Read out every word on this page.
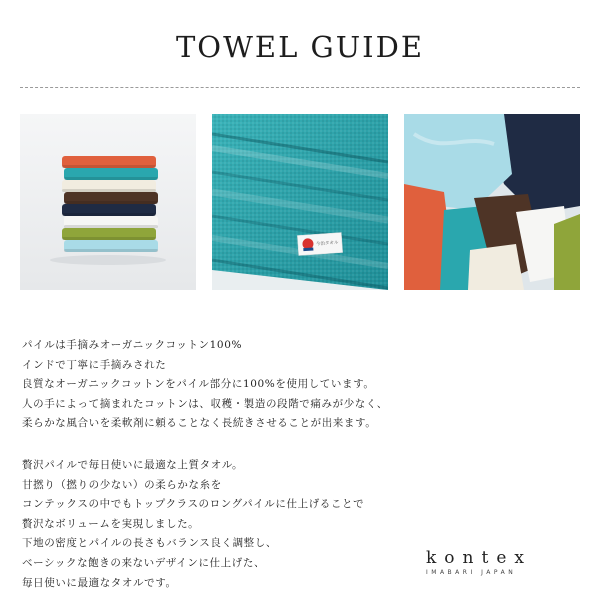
TOWEL GUIDE
今治タオル
パイルは手摘みオーガニックコットン100%
インドで丁寧に手摘みされた
良質なオーガニックコットンをパイル部分に100%を使用しています。
人の手によって摘まれたコットンは、収穫・製造の段階で痛みが少なく、
柔らかな風合いを柔軟剤に頼ることなく長続きさせることが出来ます。
贅沢パイルで毎日使いに最適な上質タオル。
甘撚り（撚りの少ない）の柔らかな糸を
コンテックスの中でもトップクラスのロングパイルに仕上げることで
贅沢なボリュームを実現しました。
下地の密度とパイルの長さもバランス良く調整し、
ベーシックな飽きの来ないデザインに仕上げた、
毎日使いに最適なタオルです。
kontex
IMABARI JAPAN
